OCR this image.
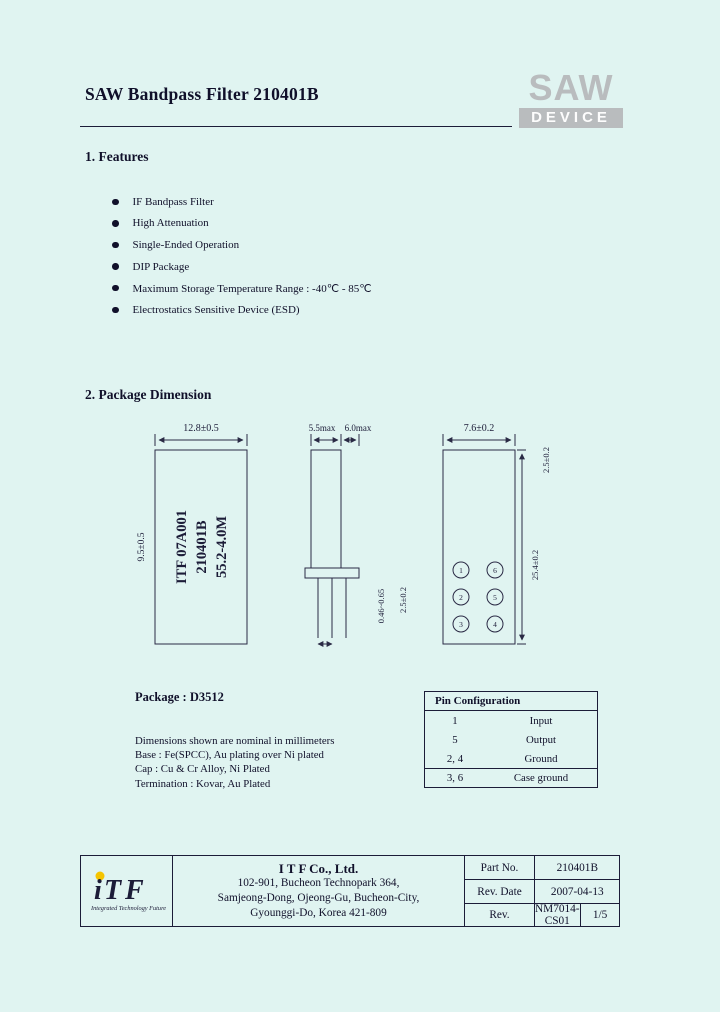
SAW Bandpass Filter 210401B	SAW
DEVICE
1. Features
IF Bandpass Filter
High Attenuation
Single-Ended Operation
DIP Package
Maximum Storage Temperature Range : -40℃ - 85℃
Electrostatics Sensitive Device (ESD)
2. Package Dimension
12.8±0.5
9.5±0.5 ITF 07A001 210401B 55.2-4.0M
5.5max 6.0max
0.46~0.65 2.5±0.2
7.6±0.2
2.5±0.2
25.4±0.2
1	6
2	5
3	4
Package : D3512
Dimensions shown are nominal in millimeters
Base : Fe(SPCC), Au plating over Ni plated
Cap : Cu & Cr Alloy, Ni Plated
Termination : Kovar, Au Plated
Pin Configuration
1	Input
5	Output
2, 4	Ground
3, 6	Case ground
i T F
Integrated Technology Future
I T F Co., Ltd.
102-901, Bucheon Technopark 364,
Samjeong-Dong, Ojeong-Gu, Bucheon-City,
Gyounggi-Do, Korea 421-809
Part No.	210401B
Rev. Date	2007-04-13
Rev.	NM7014-CS01	1/5
